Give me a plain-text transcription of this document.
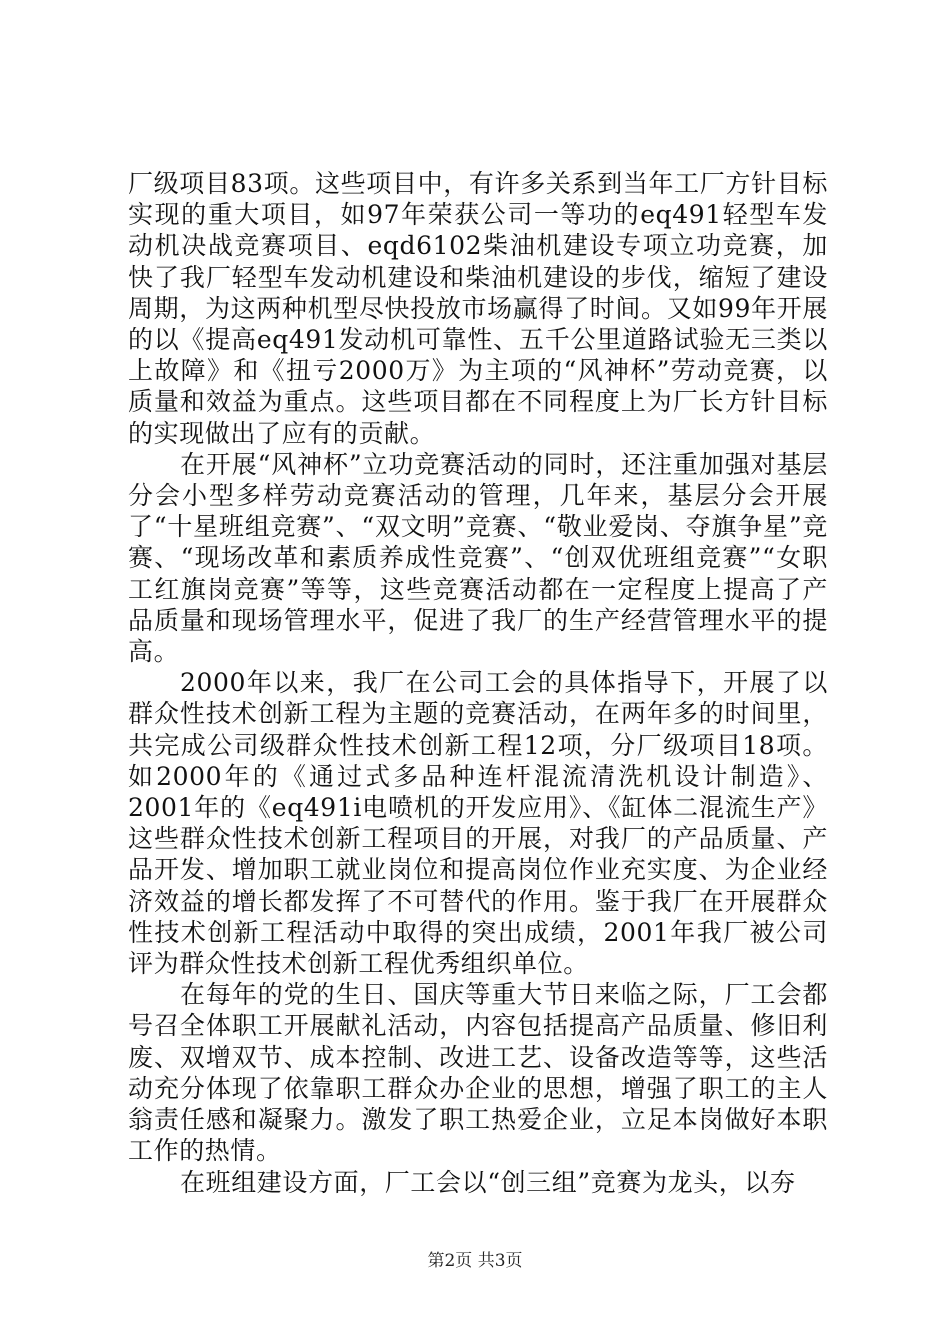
厂级项目83项。这些项目中，有许多关系到当年工厂方针目标实现的重大项目，如97年荣获公司一等功的eq491轻型车发动机决战竞赛项目、eqd6102柴油机建设专项立功竞赛，加快了我厂轻型车发动机建设和柴油机建设的步伐，缩短了建设周期，为这两种机型尽快投放市场赢得了时间。又如99年开展的以《提高eq491发动机可靠性、五千公里道路试验无三类以上故障》和《扭亏2000万》为主项的“风神杯”劳动竞赛，以质量和效益为重点。这些项目都在不同程度上为厂长方针目标的实现做出了应有的贡献。

在开展“风神杯”立功竞赛活动的同时，还注重加强对基层分会小型多样劳动竞赛活动的管理，几年来，基层分会开展了“十星班组竞赛”、“双文明”竞赛、“敬业爱岗、夺旗争星”竞赛、“现场改革和素质养成性竞赛”、“创双优班组竞赛”“女职工红旗岗竞赛”等等，这些竞赛活动都在一定程度上提高了产品质量和现场管理水平，促进了我厂的生产经营管理水平的提高。

2000年以来，我厂在公司工会的具体指导下，开展了以群众性技术创新工程为主题的竞赛活动，在两年多的时间里，共完成公司级群众性技术创新工程12项，分厂级项目18项。如2000年的《通过式多品种连杆混流清洗机设计制造》、2001年的《eq491i电喷机的开发应用》、《缸体二混流生产》这些群众性技术创新工程项目的开展，对我厂的产品质量、产品开发、增加职工就业岗位和提高岗位作业充实度、为企业经济效益的增长都发挥了不可替代的作用。鉴于我厂在开展群众性技术创新工程活动中取得的突出成绩，2001年我厂被公司评为群众性技术创新工程优秀组织单位。

在每年的党的生日、国庆等重大节日来临之际，厂工会都号召全体职工开展献礼活动，内容包括提高产品质量、修旧利废、双增双节、成本控制、改进工艺、设备改造等等，这些活动充分体现了依靠职工群众办企业的思想，增强了职工的主人翁责任感和凝聚力。激发了职工热爱企业，立足本岗做好本职工作的热情。

在班组建设方面，厂工会以“创三组”竞赛为龙头，以夯

第2页 共3页
